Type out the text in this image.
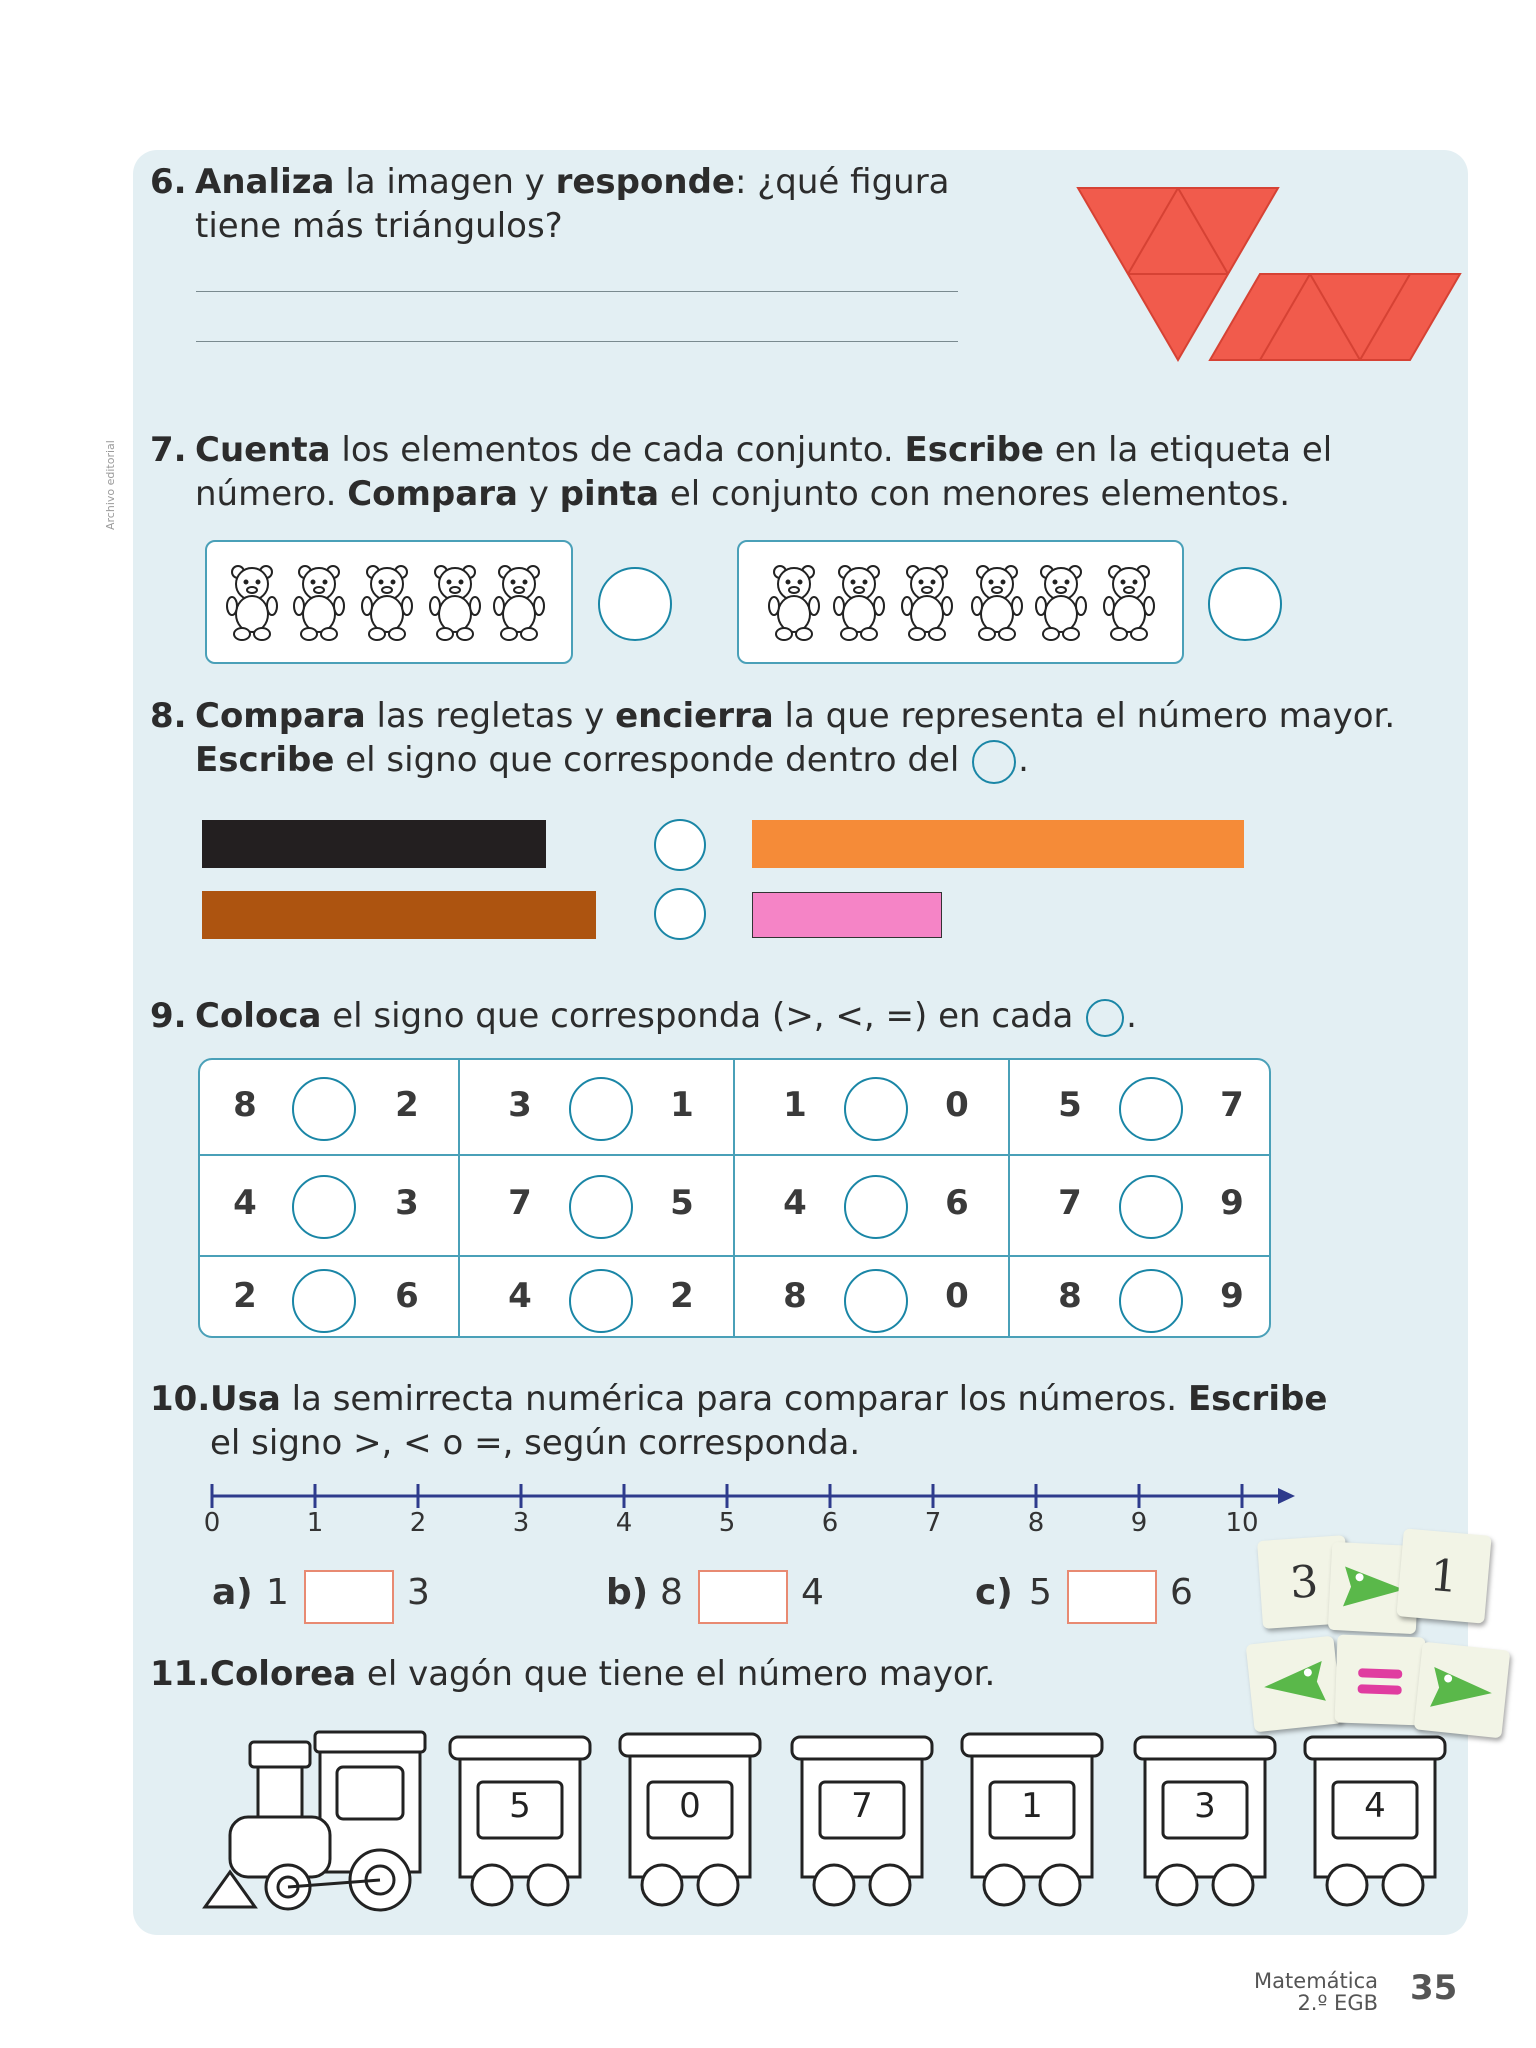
Archivo editorial
6. Analiza la imagen y responde: ¿qué figura
tiene más triángulos?
7. Cuenta los elementos de cada conjunto. Escribe en la etiqueta el
número. Compara y pinta el conjunto con menores elementos.
8. Compara las regletas y encierra la que representa el número mayor.
Escribe el signo que corresponde dentro del .
9. Coloca el signo que corresponda (>, <, =) en cada .
8	2	3	1	1	0	5	7
4	3	7	5	4	6	7	9
2	6	4	2	8	0	8	9
10. Usa la semirrecta numérica para comparar los números. Escribe
el signo >, < o =, según corresponda.
0	1	2	3	4	5	6	7	8	9	10
a) 1	3	b) 8	4	c) 5	6 3 1
11. Colorea el vagón que tiene el número mayor.
5	0	7	1	3	4
Matemática
2.º EGB 35
